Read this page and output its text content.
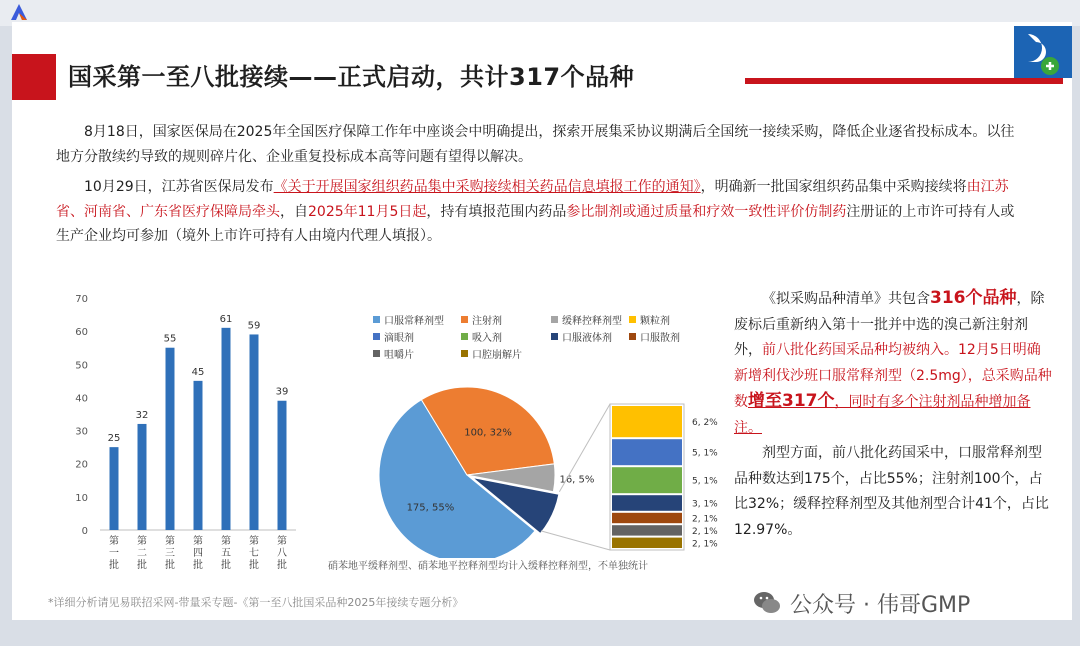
国采第一至八批接续——正式启动，共计317个品种

8月18日，国家医保局在2025年全国医疗保障工作年中座谈会中明确提出，探索开展集采协议期满后全国统一接续采购，降低企业逐省投标成本。以往地方分散续约导致的规则碎片化、企业重复投标成本高等问题有望得以解决。

10月29日，江苏省医保局发布《关于开展国家组织药品集中采购接续相关药品信息填报工作的通知》，明确新一批国家组织药品集中采购接续将由江苏省、河南省、广东省医疗保障局牵头，自2025年11月5日起，持有填报范围内药品参比制剂或通过质量和疗效一致性评价仿制药注册证的上市许可持有人或生产企业均可参加（境外上市许可持有人由境内代理人填报）。

0
10
20
30
40
50
60
70
25
第
一
批
32
第
二
批
55
第
三
批
45
第
四
批
61
第
五
批
59
第
七
批
39
第
八
批
口服常释剂型	注射剂	缓释控释剂型 颗粒剂
滴眼剂	吸入剂	口服液体剂	口服散剂
咀嚼片	口腔崩解片
175, 55%
100, 32%
16, 5%
6, 2%
5, 1%
5, 1%
3, 1%
2, 1%
2, 1%
2, 1%
硝苯地平缓释剂型、硝苯地平控释剂型均计入缓释控释剂型，不单独统计

《拟采购品种清单》共包含316个品种，除废标后重新纳入第十一批并中选的溴己新注射剂外，前八批化药国采品种均被纳入。12月5日明确新增利伐沙班口服常释剂型（2.5mg），总采购品种数增至317个，同时有多个注射剂品种增加备注。

剂型方面，前八批化药国采中，口服常释剂型品种数达到175个，占比55%；注射剂100个，占比32%；缓释控释剂型及其他剂型合计41个，占比12.97%。

*详细分析请见易联招采网-带量采专题-《第一至八批国采品种2025年接续专题分析》	公众号 · 伟哥GMP
